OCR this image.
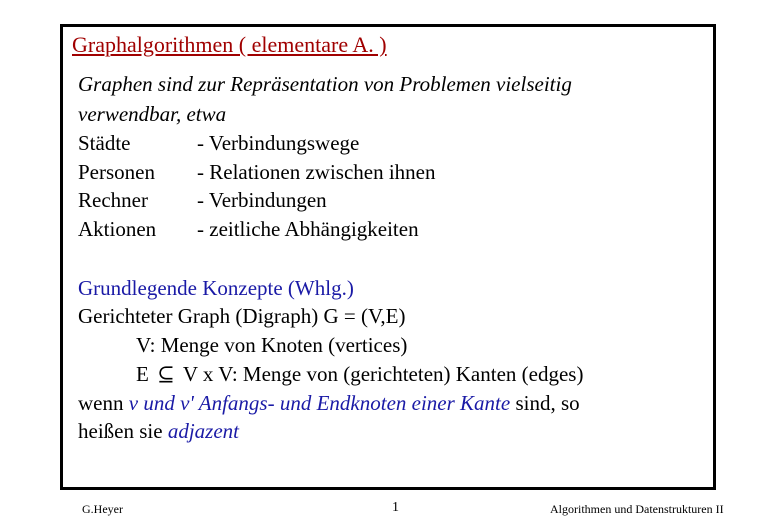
Graphalgorithmen ( elementare A. )
Graphen sind zur Repräsentation von Problemen vielseitig
verwendbar, etwa
Städte	- Verbindungswege
Personen - Relationen zwischen ihnen
Rechner - Verbindungen
Aktionen - zeitliche Abhängigkeiten
Grundlegende Konzepte (Whlg.)
Gerichteter Graph (Digraph) G = (V,E)
V: Menge von Knoten (vertices)
E ⊆ V x V: Menge von (gerichteten) Kanten (edges)
wenn v und v' Anfangs- und Endknoten einer Kante sind, so
heißen sie adjazent
G.Heyer	1	Algorithmen und Datenstrukturen II
